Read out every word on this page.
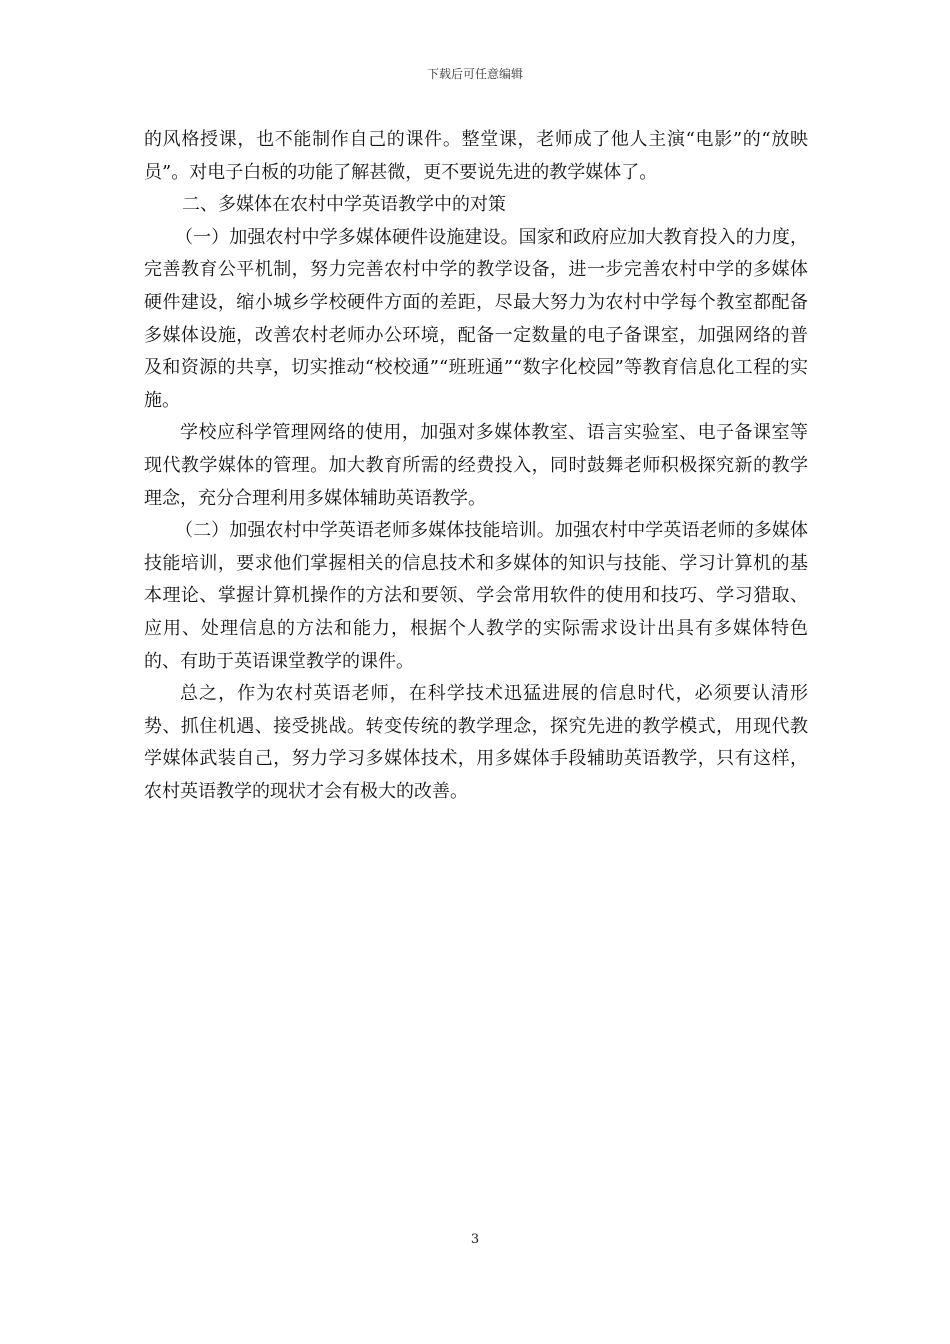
下载后可任意编辑

的风格授课，也不能制作自己的课件。整堂课，老师成了他人主演“电影”的“放映员”。对电子白板的功能了解甚微，更不要说先进的教学媒体了。

二、多媒体在农村中学英语教学中的对策

（一）加强农村中学多媒体硬件设施建设。国家和政府应加大教育投入的力度，完善教育公平机制，努力完善农村中学的教学设备，进一步完善农村中学的多媒体硬件建设，缩小城乡学校硬件方面的差距，尽最大努力为农村中学每个教室都配备多媒体设施，改善农村老师办公环境，配备一定数量的电子备课室，加强网络的普及和资源的共享，切实推动“校校通”“班班通”“数字化校园”等教育信息化工程的实施。

学校应科学管理网络的使用，加强对多媒体教室、语言实验室、电子备课室等现代教学媒体的管理。加大教育所需的经费投入，同时鼓舞老师积极探究新的教学理念，充分合理利用多媒体辅助英语教学。

（二）加强农村中学英语老师多媒体技能培训。加强农村中学英语老师的多媒体技能培训，要求他们掌握相关的信息技术和多媒体的知识与技能、学习计算机的基本理论、掌握计算机操作的方法和要领、学会常用软件的使用和技巧、学习猎取、应用、处理信息的方法和能力，根据个人教学的实际需求设计出具有多媒体特色的、有助于英语课堂教学的课件。

总之，作为农村英语老师，在科学技术迅猛进展的信息时代，必须要认清形势、抓住机遇、接受挑战。转变传统的教学理念，探究先进的教学模式，用现代教学媒体武装自己，努力学习多媒体技术，用多媒体手段辅助英语教学，只有这样，农村英语教学的现状才会有极大的改善。

3
